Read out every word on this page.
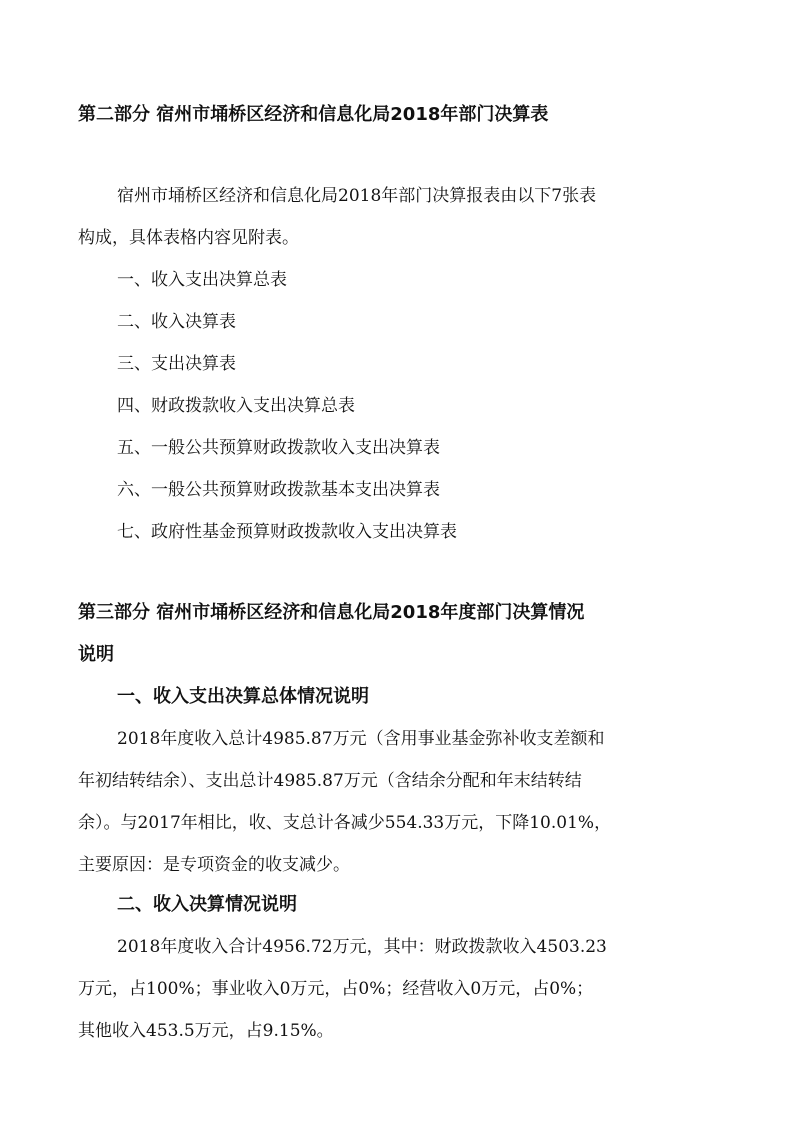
第二部分 宿州市埇桥区经济和信息化局2018年部门决算表

宿州市埇桥区经济和信息化局2018年部门决算报表由以下7张表

构成，具体表格内容见附表。

一、收入支出决算总表

二、收入决算表

三、支出决算表

四、财政拨款收入支出决算总表

五、一般公共预算财政拨款收入支出决算表

六、一般公共预算财政拨款基本支出决算表

七、政府性基金预算财政拨款收入支出决算表

第三部分 宿州市埇桥区经济和信息化局2018年度部门决算情况
说明
一、收入支出决算总体情况说明

2018年度收入总计4985.87万元（含用事业基金弥补收支差额和

年初结转结余）、支出总计4985.87万元（含结余分配和年末结转结

余）。与2017年相比，收、支总计各减少554.33万元，下降10.01%，

主要原因：是专项资金的收支减少。

二、收入决算情况说明

2018年度收入合计4956.72万元，其中：财政拨款收入4503.23

万元，占100%；事业收入0万元，占0%；经营收入0万元，占0%；

其他收入453.5万元，占9.15%。
